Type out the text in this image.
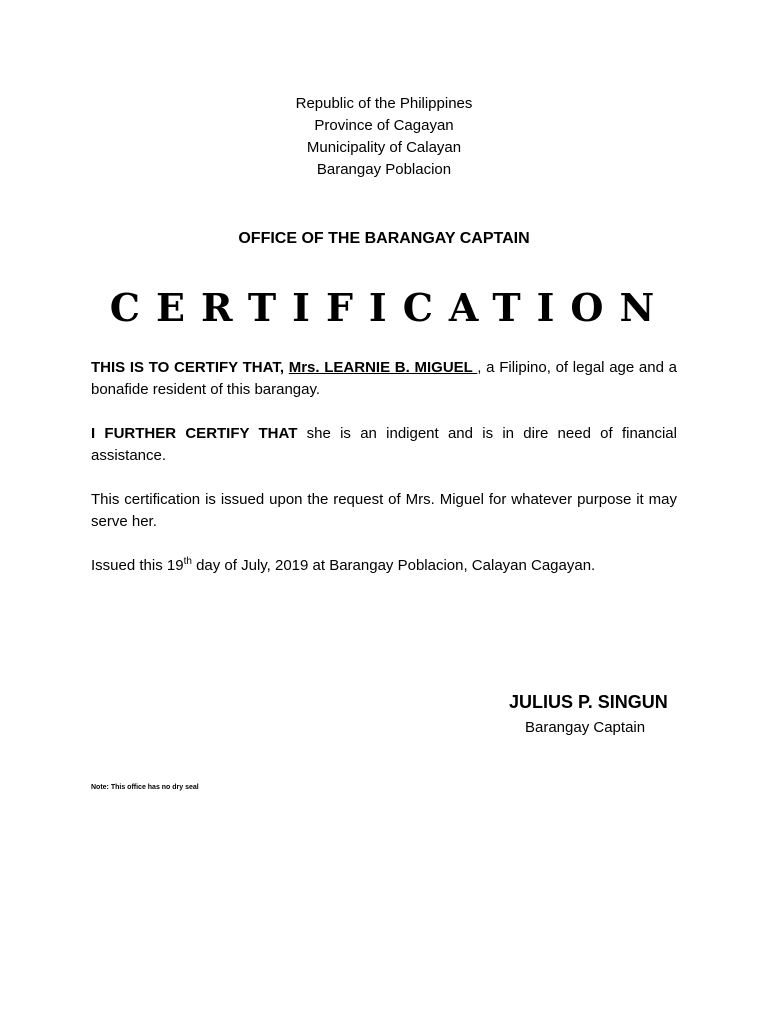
Republic of the Philippines
Province of Cagayan
Municipality of Calayan
Barangay Poblacion
OFFICE OF THE BARANGAY CAPTAIN
CERTIFICATION
THIS IS TO CERTIFY THAT, Mrs. LEARNIE B. MIGUEL , a Filipino, of legal age and a bonafide resident of this barangay.
I FURTHER CERTIFY THAT she is an indigent and is in dire need of financial assistance.
This certification is issued upon the request of Mrs. Miguel for whatever purpose it may serve her.
Issued this 19th day of July, 2019 at Barangay Poblacion, Calayan Cagayan.
JULIUS P. SINGUN
Barangay Captain
Note: This office has no dry seal
